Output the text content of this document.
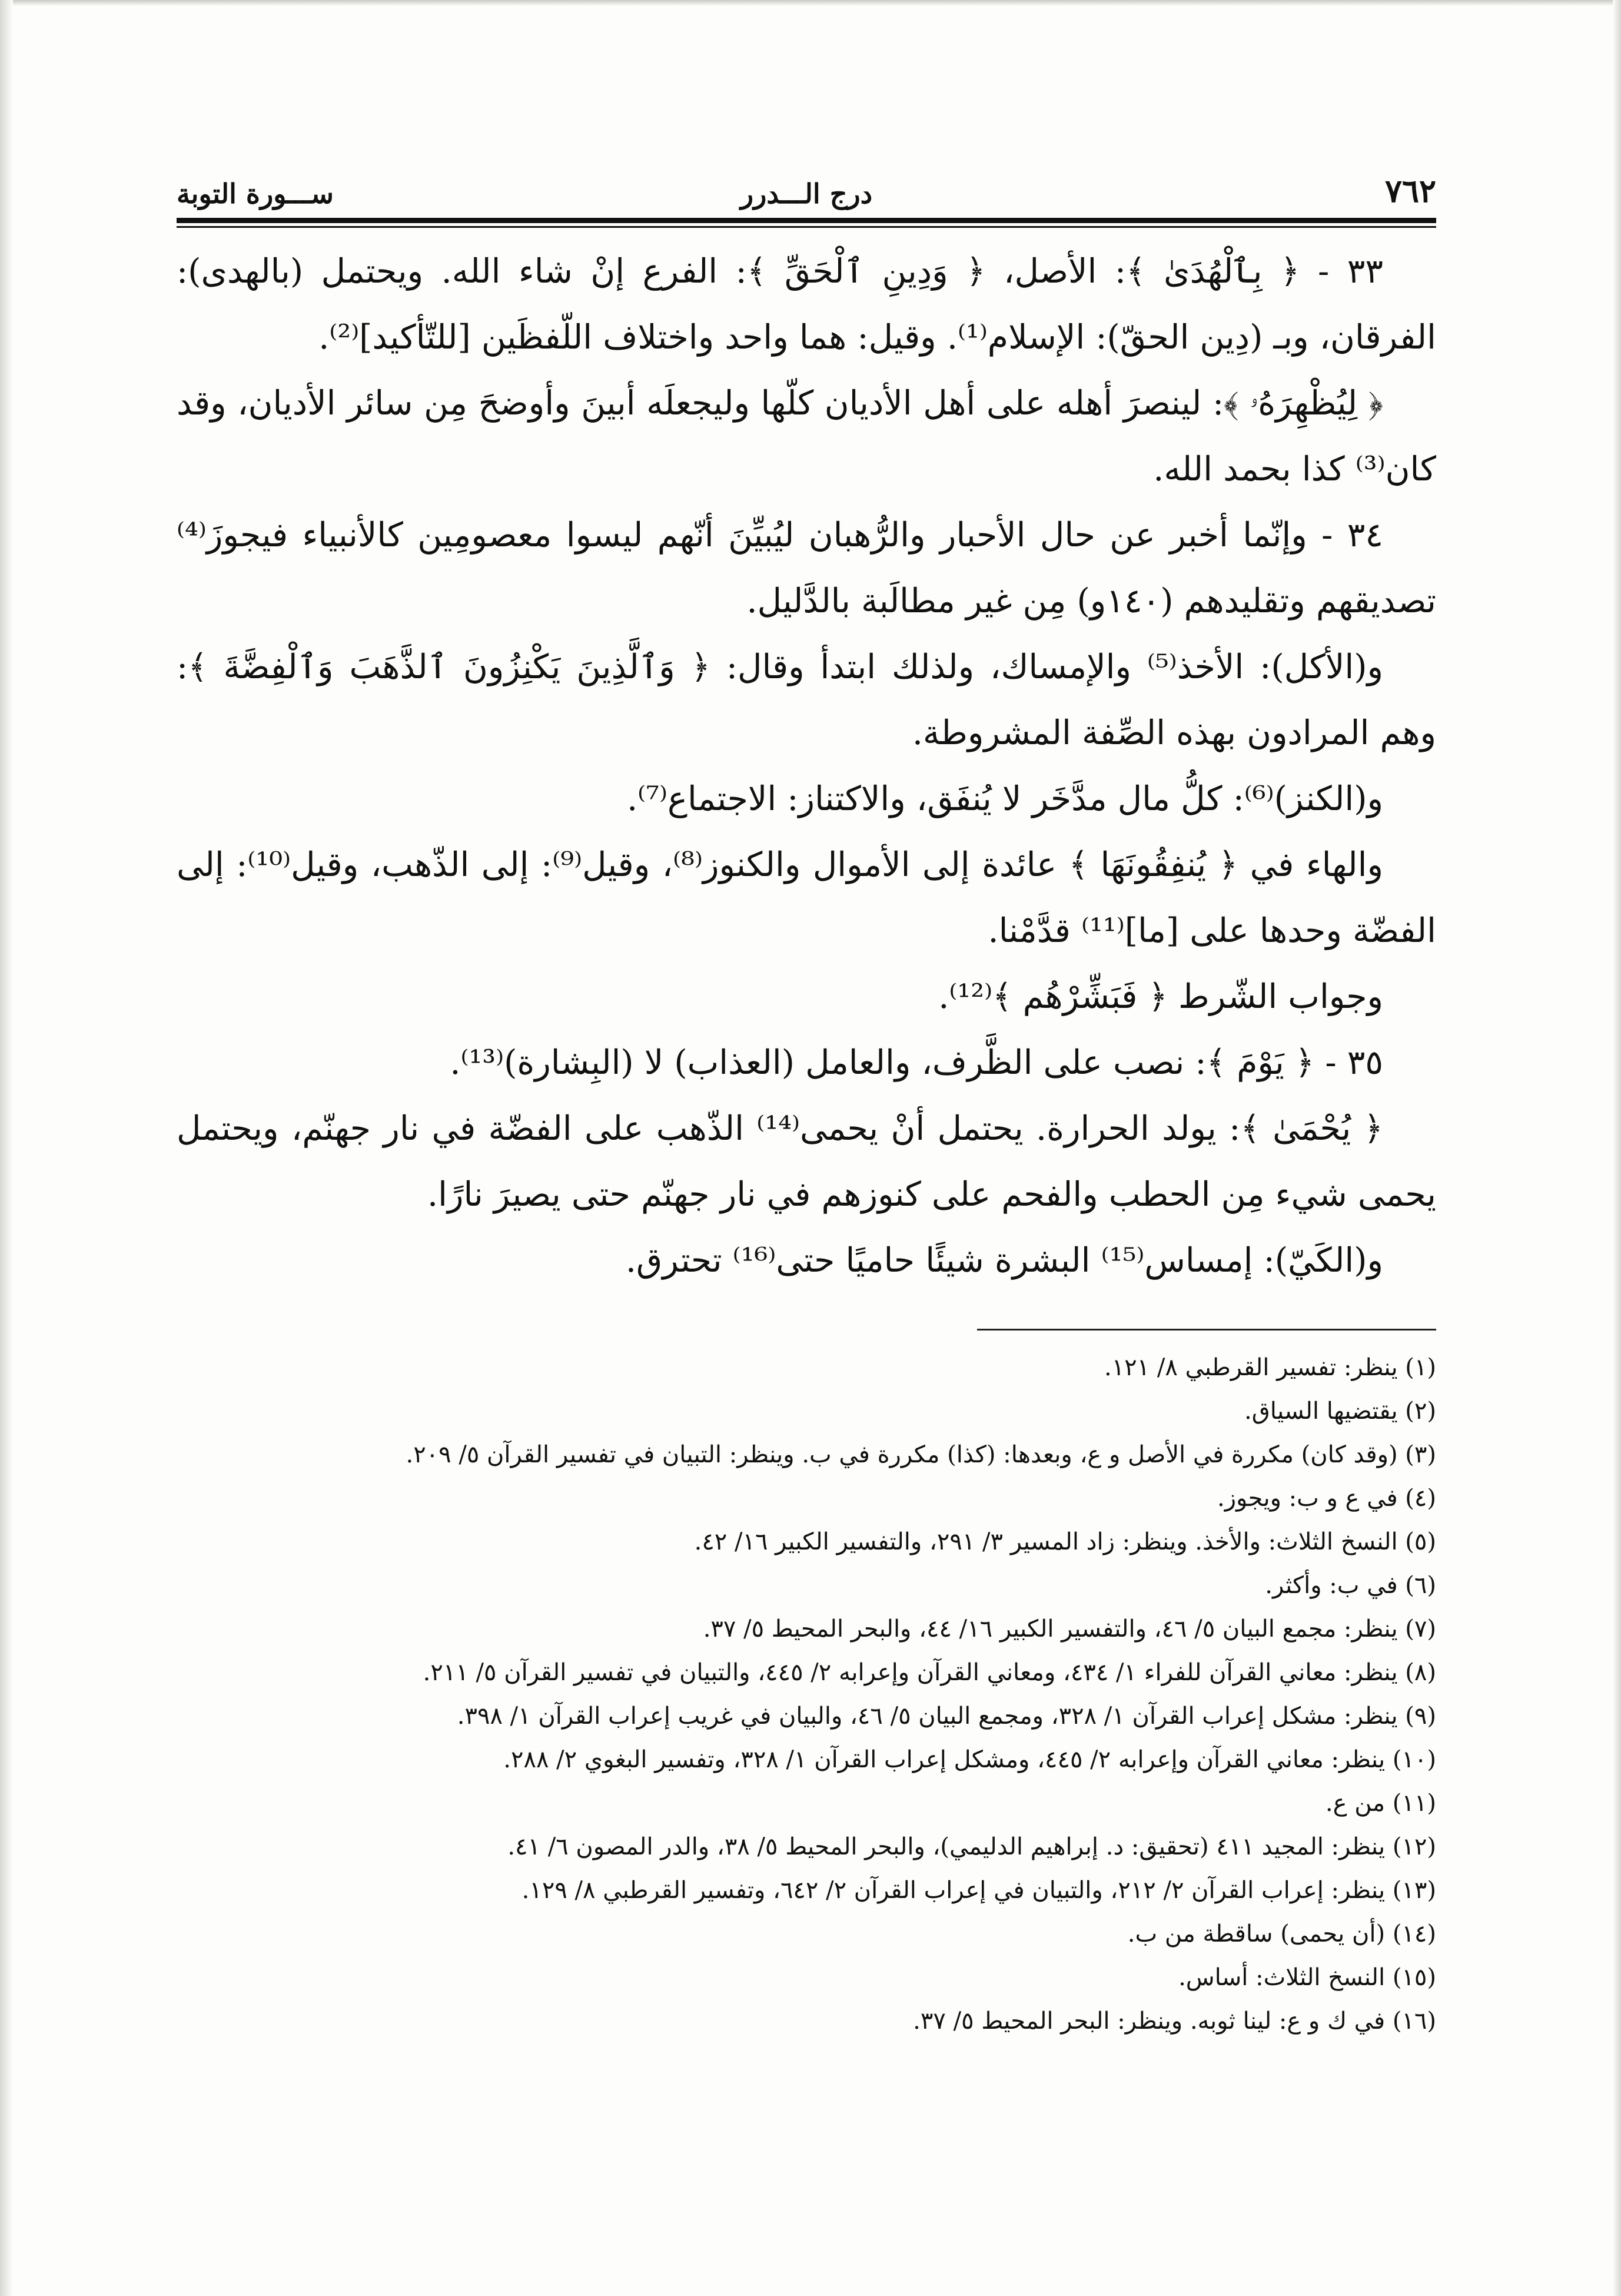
٧٦٢
درج الـــدرر
ســـورة التوبة

٣٣ - ﴿ بِٱلْهُدَىٰ ﴾: الأصل، ﴿ وَدِينِ ٱلْحَقِّ ﴾: الفرع إنْ شاء الله. ويحتمل (بالهدى): الفرقان، وبـ (دِين الحقّ): الإسلام⁽¹⁾. وقيل: هما واحد واختلاف اللّفظَين [للتّأكيد]⁽²⁾.

﴿ لِيُظْهِرَهُۥ ﴾: لينصرَ أهله على أهل الأديان كلّها وليجعلَه أبينَ وأوضحَ مِن سائر الأديان، وقد كان⁽³⁾ كذا بحمد الله.

٣٤ - وإنّما أخبر عن حال الأحبار والرُّهبان ليُبيِّنَ أنّهم ليسوا معصومِين كالأنبياء فيجوزَ⁽⁴⁾ تصديقهم وتقليدهم (١٤٠و) مِن غير مطالَبة بالدَّليل.

و(الأكل): الأخذ⁽⁵⁾ والإمساك، ولذلك ابتدأ وقال: ﴿ وَٱلَّذِينَ يَكْنِزُونَ ٱلذَّهَبَ وَٱلْفِضَّةَ ﴾: وهم المرادون بهذه الصِّفة المشروطة.

و(الكنز)⁽⁶⁾: كلُّ مال مدَّخَر لا يُنفَق، والاكتناز: الاجتماع⁽⁷⁾.

والهاء في ﴿ يُنفِقُونَهَا ﴾ عائدة إلى الأموال والكنوز⁽⁸⁾، وقيل⁽⁹⁾: إلى الذّهب، وقيل⁽¹⁰⁾: إلى الفضّة وحدها على [ما]⁽¹¹⁾ قدَّمْنا.

وجواب الشّرط ﴿ فَبَشِّرْهُم ﴾⁽¹²⁾.

٣٥ - ﴿ يَوْمَ ﴾: نصب على الظَّرف، والعامل (العذاب) لا (البِشارة)⁽¹³⁾.

﴿ يُحْمَىٰ ﴾: يولد الحرارة. يحتمل أنْ يحمى⁽¹⁴⁾ الذّهب على الفضّة في نار جهنّم، ويحتمل يحمى شيء مِن الحطب والفحم على كنوزهم في نار جهنّم حتى يصيرَ نارًا.

و(الكَيّ): إمساس⁽¹⁵⁾ البشرة شيئًا حاميًا حتى⁽¹⁶⁾ تحترق.

(١) ينظر: تفسير القرطبي ٨/ ١٢١.

(٢) يقتضيها السياق.

(٣) (وقد كان) مكررة في الأصل و ع، وبعدها: (كذا) مكررة في ب. وينظر: التبيان في تفسير القرآن ٥/ ٢٠٩.

(٤) في ع و ب: ويجوز.

(٥) النسخ الثلاث: والأخذ. وينظر: زاد المسير ٣/ ٢٩١، والتفسير الكبير ١٦/ ٤٢.

(٦) في ب: وأكثر.

(٧) ينظر: مجمع البيان ٥/ ٤٦، والتفسير الكبير ١٦/ ٤٤، والبحر المحيط ٥/ ٣٧.

(٨) ينظر: معاني القرآن للفراء ١/ ٤٣٤، ومعاني القرآن وإعرابه ٢/ ٤٤٥، والتبيان في تفسير القرآن ٥/ ٢١١.

(٩) ينظر: مشكل إعراب القرآن ١/ ٣٢٨، ومجمع البيان ٥/ ٤٦، والبيان في غريب إعراب القرآن ١/ ٣٩٨.

(١٠) ينظر: معاني القرآن وإعرابه ٢/ ٤٤٥، ومشكل إعراب القرآن ١/ ٣٢٨، وتفسير البغوي ٢/ ٢٨٨.

(١١) من ع.

(١٢) ينظر: المجيد ٤١١ (تحقيق: د. إبراهيم الدليمي)، والبحر المحيط ٥/ ٣٨، والدر المصون ٦/ ٤١.

(١٣) ينظر: إعراب القرآن ٢/ ٢١٢، والتبيان في إعراب القرآن ٢/ ٦٤٢، وتفسير القرطبي ٨/ ١٢٩.

(١٤) (أن يحمى) ساقطة من ب.

(١٥) النسخ الثلاث: أساس.

(١٦) في ك و ع: لينا ثوبه. وينظر: البحر المحيط ٥/ ٣٧.
